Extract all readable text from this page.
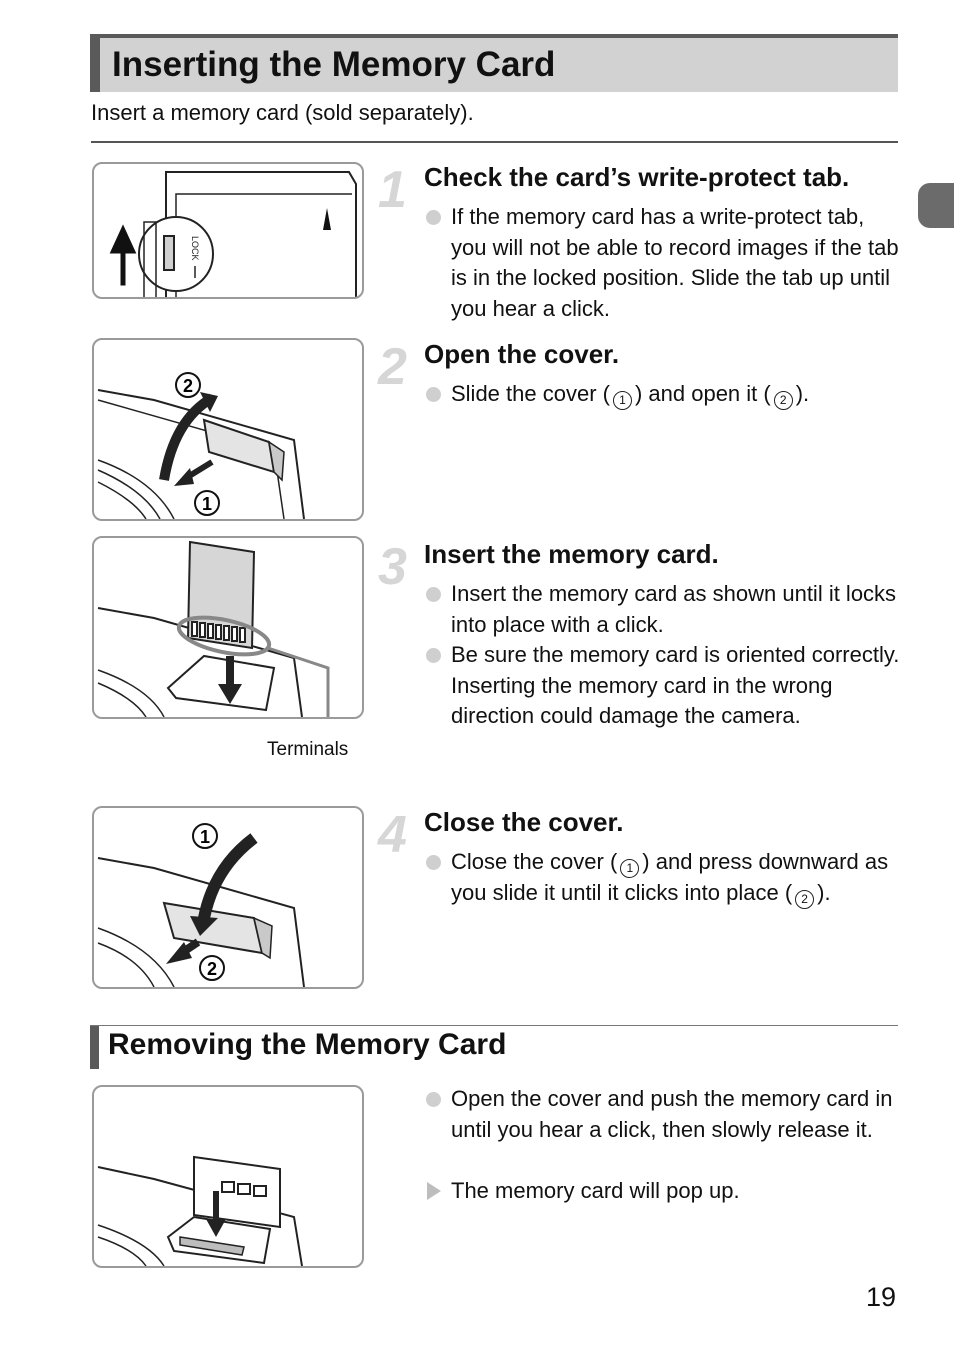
Inserting the Memory Card
Insert a memory card (sold separately).
LOCK
1 Check the card’s write-protect tab.
If the memory card has a write-protect tab, you will not be able to record images if the tab is in the locked position. Slide the tab up until you hear a click.
2
1
2 Open the cover.
Slide the cover ( 1 ) and open it ( 2 ).
Terminals
3 Insert the memory card.
Insert the memory card as shown until it locks into place with a click.
Be sure the memory card is oriented correctly. Inserting the memory card in the wrong direction could damage the camera.
1
2
4 Close the cover.
Close the cover ( 1 ) and press downward as you slide it until it clicks into place ( 2 ).
Removing the Memory Card
Open the cover and push the memory card in until you hear a click, then slowly release it.
The memory card will pop up.
19
